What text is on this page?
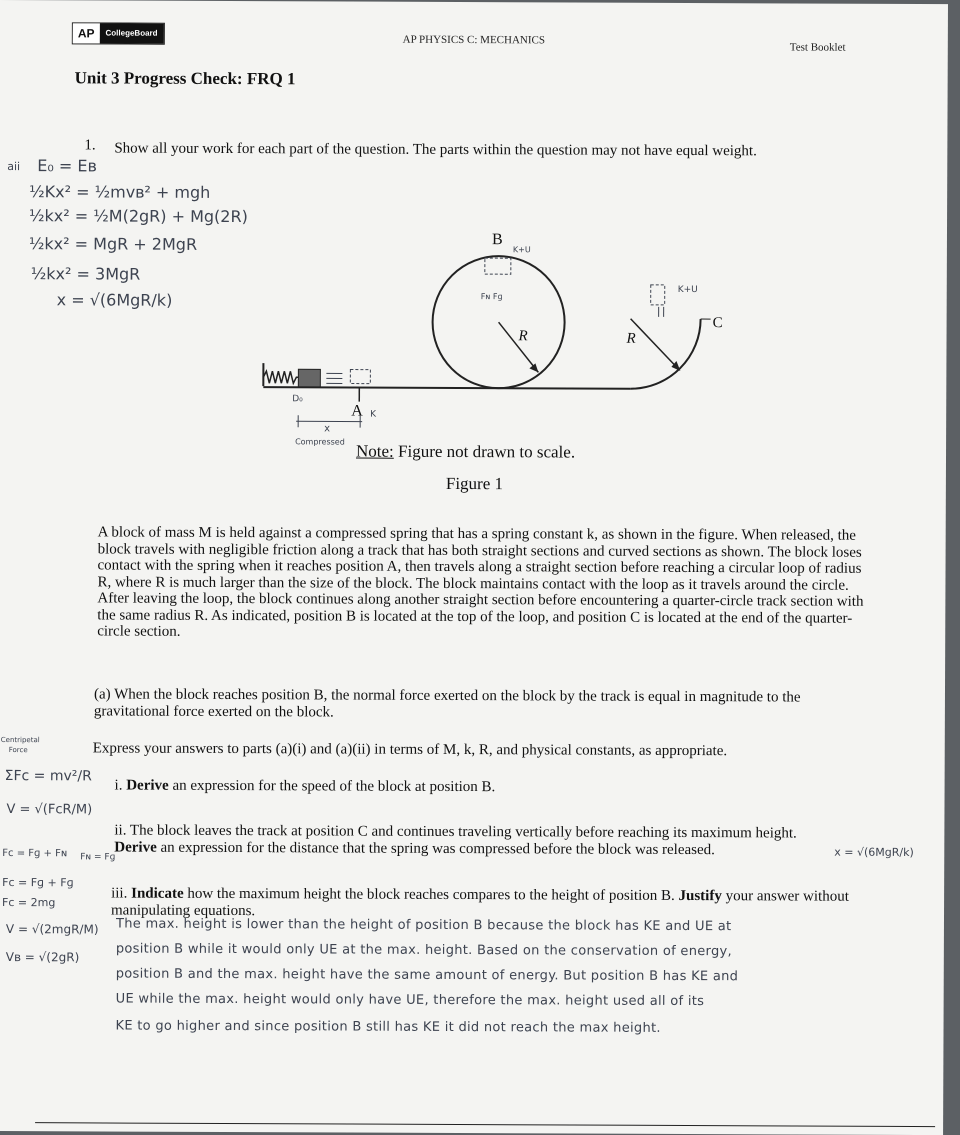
AP	CollegeBoard
AP PHYSICS C: MECHANICS
Test Booklet
Unit 3 Progress Check: FRQ 1
1. Show all your work for each part of the question. The parts within the question may not have equal weight.
aii E₀ = Eʙ
½Kx² = ½mvʙ² + mgh
½kx² = ½M(2gR) + Mg(2R)
½kx² = MgR + 2MgR
½kx² = 3MgR
x = √(6MgR/k)
A
B
R	R
C
D₀
K
x
Compressed
K+U
K+U
Fɴ Fɡ
Note: Figure not drawn to scale.
Figure 1
A block of mass M is held against a compressed spring that has a spring constant k, as shown in the figure. When released, the block travels with negligible friction along a track that has both straight sections and curved sections as shown. The block loses contact with the spring when it reaches position A, then travels along a straight section before reaching a circular loop of radius R, where R is much larger than the size of the block. The block maintains contact with the loop as it travels around the circle. After leaving the loop, the block continues along another straight section before encountering a quarter-circle track section with the same radius R. As indicated, position B is located at the top of the loop, and position C is located at the end of the quarter-circle section.
(a) When the block reaches position B, the normal force exerted on the block by the track is equal in magnitude to the gravitational force exerted on the block.
Express your answers to parts (a)(i) and (a)(ii) in terms of M, k, R, and physical constants, as appropriate.
i. Derive an expression for the speed of the block at position B.
ii. The block leaves the track at position C and continues traveling vertically before reaching its maximum height. Derive an expression for the distance that the spring was compressed before the block was released.
iii. Indicate how the maximum height the block reaches compares to the height of position B. Justify your answer without manipulating equations.
Centripetal
Force
ΣFᴄ = mv²/R
V = √(FᴄR/M)
Fᴄ = Fɡ + Fɴ Fɴ = Fɡ
Fᴄ = Fɡ + Fɡ
Fᴄ = 2mg
V = √(2mgR/M)
Vʙ = √(2gR)
x = √(6MgR/k)
The max. height is lower than the height of position B because the block has KE and UE at
position B while it would only UE at the max. height. Based on the conservation of energy,
position B and the max. height have the same amount of energy. But position B has KE and
UE while the max. height would only have UE, therefore the max. height used all of its
KE to go higher and since position B still has KE it did not reach the max height.
